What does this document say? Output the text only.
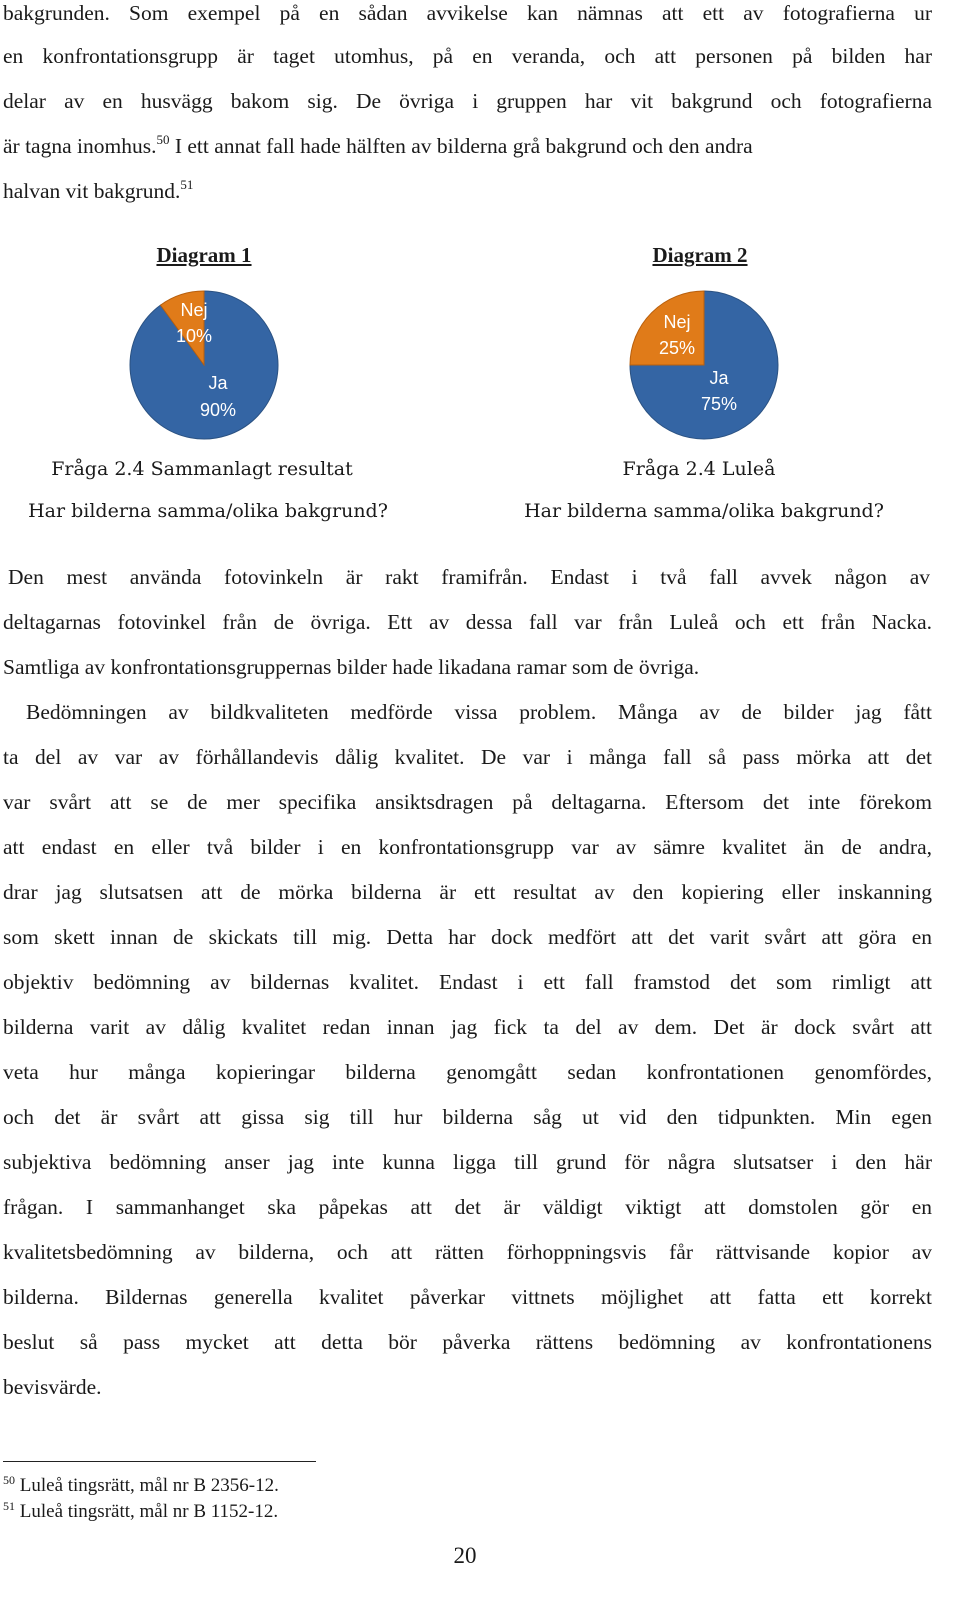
bakgrunden. Som exempel på en sådan avvikelse kan nämnas att ett av fotografierna ur
en konfrontationsgrupp är taget utomhus, på en veranda, och att personen på bilden har
delar av en husvägg bakom sig. De övriga i gruppen har vit bakgrund och fotografierna
är tagna inomhus.$^{50}$ I ett annat fall hade hälften av bilderna grå bakgrund och den andra
halvan vit bakgrund.$^{51}$
Diagram 1
Nej
10%
Ja
90%
Fråga 2.4 Sammanlagt resultat
Har bilderna samma/olika bakgrund?
Diagram 2
Nej
25%
Ja
75%
Fråga 2.4 Luleå
Har bilderna samma/olika bakgrund?
Den mest använda fotovinkeln är rakt framifrån. Endast i två fall avvek någon av
deltagarnas fotovinkel från de övriga. Ett av dessa fall var från Luleå och ett från Nacka.
Samtliga av konfrontationsgruppernas bilder hade likadana ramar som de övriga.
Bedömningen av bildkvaliteten medförde vissa problem. Många av de bilder jag fått
ta del av var av förhållandevis dålig kvalitet. De var i många fall så pass mörka att det
var svårt att se de mer specifika ansiktsdragen på deltagarna. Eftersom det inte förekom
att endast en eller två bilder i en konfrontationsgrupp var av sämre kvalitet än de andra,
drar jag slutsatsen att de mörka bilderna är ett resultat av den kopiering eller inskanning
som skett innan de skickats till mig. Detta har dock medfört att det varit svårt att göra en
objektiv bedömning av bildernas kvalitet. Endast i ett fall framstod det som rimligt att
bilderna varit av dålig kvalitet redan innan jag fick ta del av dem. Det är dock svårt att
veta hur många kopieringar bilderna genomgått sedan konfrontationen genomfördes,
och det är svårt att gissa sig till hur bilderna såg ut vid den tidpunkten. Min egen
subjektiva bedömning anser jag inte kunna ligga till grund för några slutsatser i den här
frågan. I sammanhanget ska påpekas att det är väldigt viktigt att domstolen gör en
kvalitetsbedömning av bilderna, och att rätten förhoppningsvis får rättvisande kopior av
bilderna. Bildernas generella kvalitet påverkar vittnets möjlighet att fatta ett korrekt
beslut så pass mycket att detta bör påverka rättens bedömning av konfrontationens
bevisvärde.
$^{50}$ Luleå tingsrätt, mål nr B 2356-12.
$^{51}$ Luleå tingsrätt, mål nr B 1152-12.
20
